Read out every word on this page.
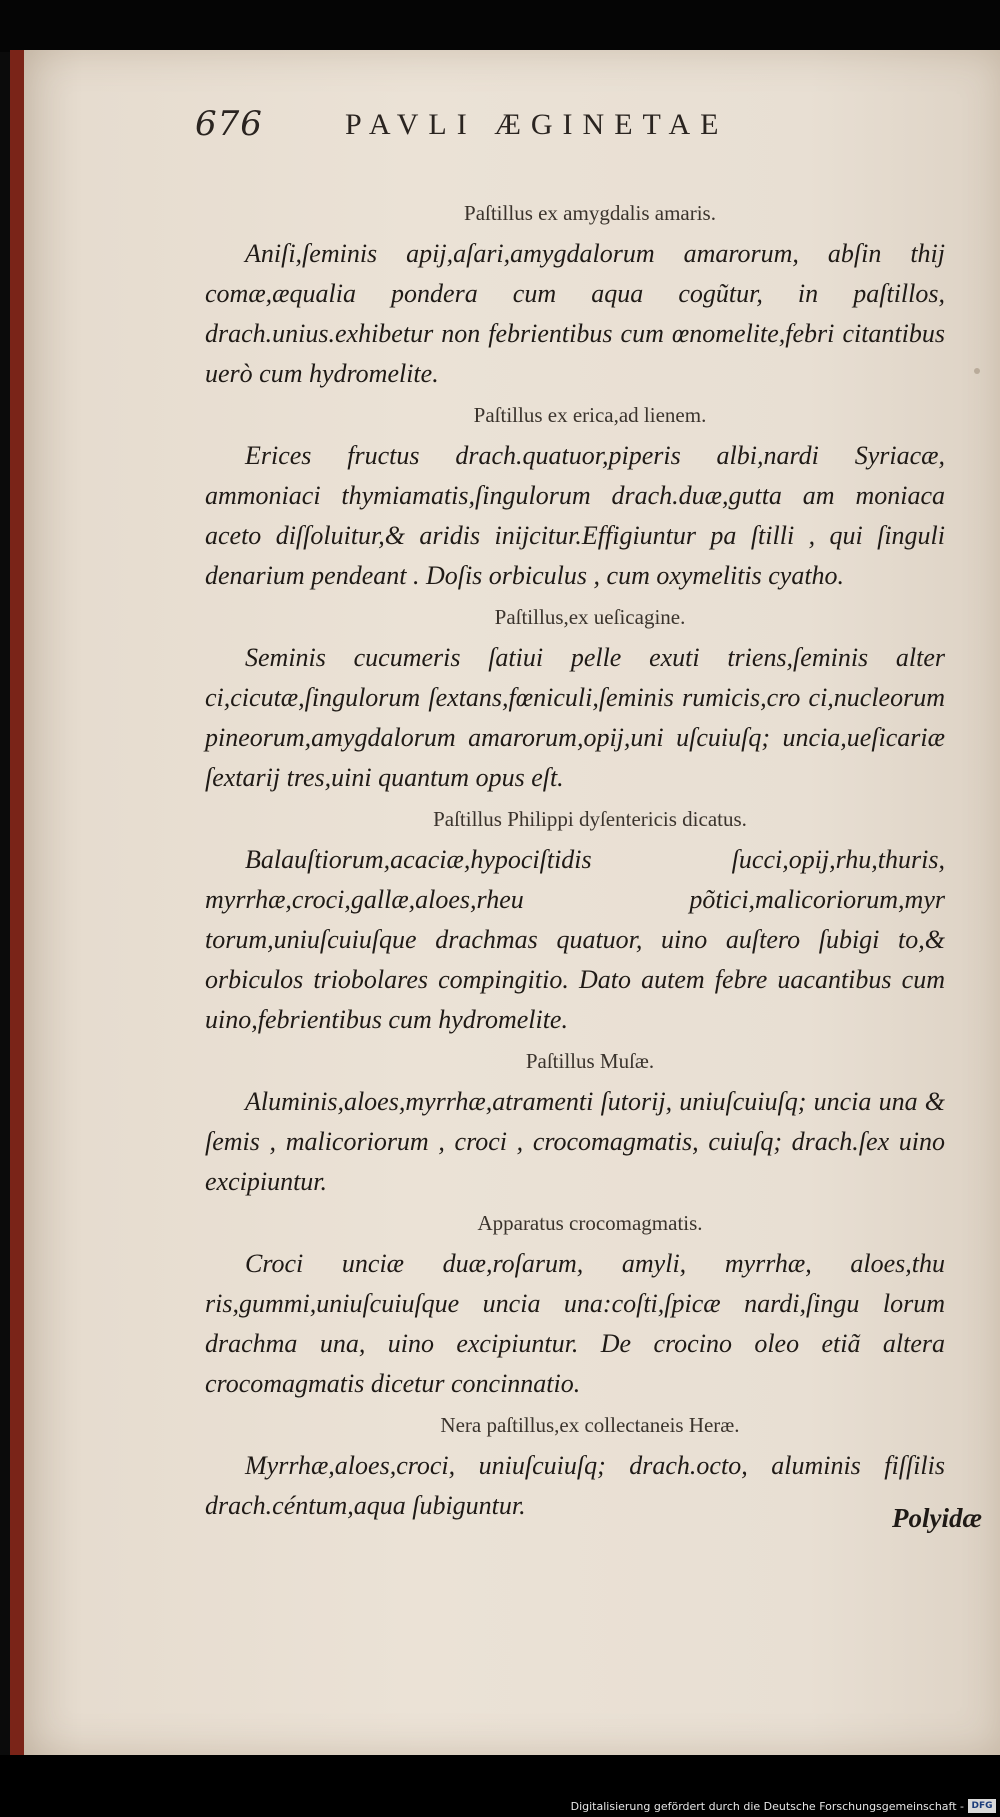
676	PAVLI ÆGINETAE

Paſtillus ex amygdalis amaris.

Aniſi,ſeminis apij,aſari,amygdalorum amarorum, abſin thij comæ,æqualia pondera cum aqua cogũtur, in paſtillos, drach.unius.exhibetur non febrientibus cum œnomelite,febri citantibus uerò cum hydromelite.

Paſtillus ex erica,ad lienem.

Erices fructus drach.quatuor,piperis albi,nardi Syriacæ, ammoniaci thymiamatis,ſingulorum drach.duæ,gutta am moniaca aceto diſſoluitur,& aridis inijcitur.Effigiuntur pa ſtilli , qui ſinguli denarium pendeant . Doſis orbiculus , cum oxymelitis cyatho.

Paſtillus,ex ueſicagine.

Seminis cucumeris ſatiui pelle exuti triens,ſeminis alter ci,cicutæ,ſingulorum ſextans,fœniculi,ſeminis rumicis,cro ci,nucleorum pineorum,amygdalorum amarorum,opij,uni uſcuiuſq; uncia,ueſicariæ ſextarij tres,uini quantum opus eſt.

Paſtillus Philippi dyſentericis dicatus.

Balauſtiorum,acaciæ,hypociſtidis ſucci,opij,rhu,thuris, myrrhæ,croci,gallæ,aloes,rheu põtici,malicoriorum,myr torum,uniuſcuiuſque drachmas quatuor, uino auſtero ſubigi to,& orbiculos triobolares compingitio. Dato autem febre uacantibus cum uino,febrientibus cum hydromelite.

Paſtillus Muſæ.

Aluminis,aloes,myrrhæ,atramenti ſutorij, uniuſcuiuſq; uncia una & ſemis , malicoriorum , croci , crocomagmatis, cuiuſq; drach.ſex uino excipiuntur.

Apparatus crocomagmatis.

Croci unciæ duæ,roſarum, amyli, myrrhæ, aloes,thu ris,gummi,uniuſcuiuſque uncia una:coſti,ſpicæ nardi,ſingu lorum drachma una, uino excipiuntur. De crocino oleo etiã altera crocomagmatis dicetur concinnatio.

Nera paſtillus,ex collectaneis Heræ.

Myrrhæ,aloes,croci, uniuſcuiuſq; drach.octo, aluminis fiſſilis drach.céntum,aqua ſubiguntur.	Polyidæ
Digitalisierung gefördert durch die Deutsche Forschungsgemeinschaft - DFG
